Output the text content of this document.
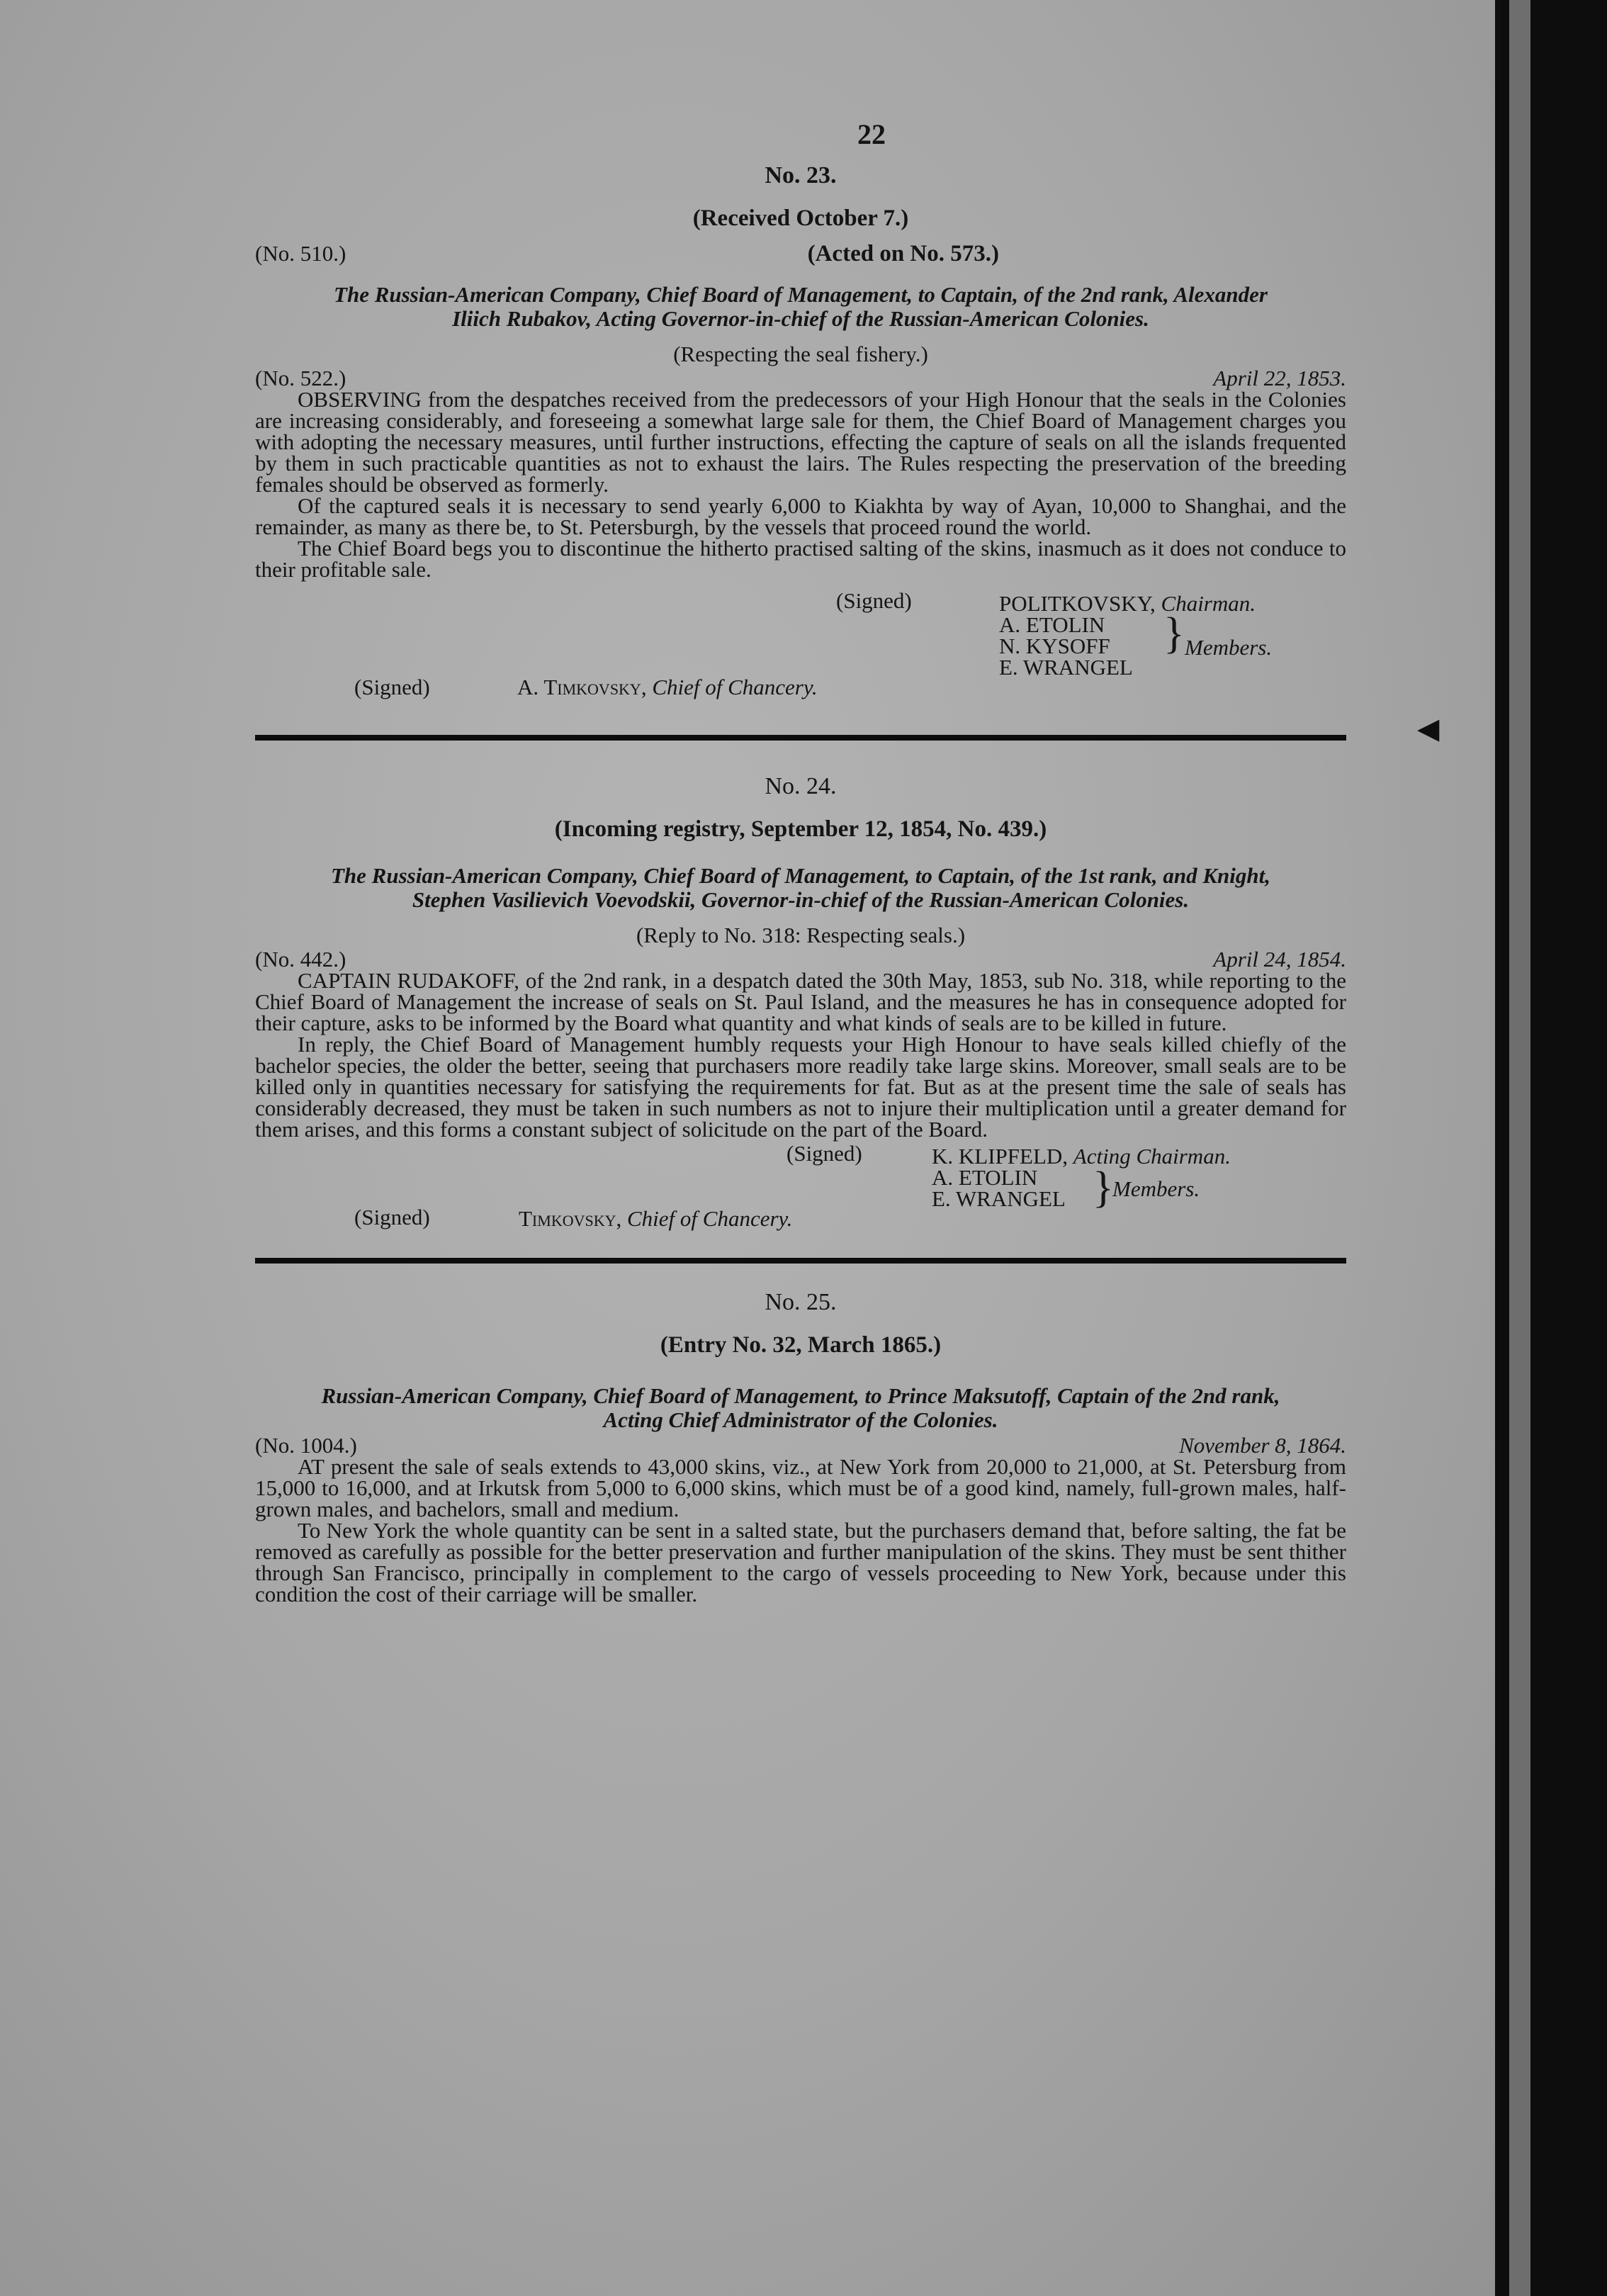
22
No. 23.
(Received October 7.)
(No. 510.)	(Acted on No. 573.)
The Russian-American Company, Chief Board of Management, to Captain, of the 2nd rank, Alexander
Iliich Rubakov, Acting Governor-in-chief of the Russian-American Colonies.
(Respecting the seal fishery.)
(No. 522.)	April 22, 1853.

OBSERVING from the despatches received from the predecessors of your High Honour that the seals in the Colonies are increasing considerably, and foreseeing a somewhat large sale for them, the Chief Board of Management charges you with adopting the necessary measures, until further instructions, effecting the capture of seals on all the islands frequented by them in such practicable quantities as not to exhaust the lairs. The Rules respecting the preservation of the breeding females should be observed as formerly.

Of the captured seals it is necessary to send yearly 6,000 to Kiakhta by way of Ayan, 10,000 to Shanghai, and the remainder, as many as there be, to St. Petersburgh, by the vessels that proceed round the world.

The Chief Board begs you to discontinue the hitherto practised salting of the skins, inasmuch as it does not conduce to their profitable sale.

(Signed)	POLITKOVSKY, Chairman.
A. ETOLIN
N. KYSOFF
E. WRANGEL
} Members.
(Signed)	A. Timkovsky, Chief of Chancery.
No. 24.
(Incoming registry, September 12, 1854, No. 439.)
The Russian-American Company, Chief Board of Management, to Captain, of the 1st rank, and Knight,
Stephen Vasilievich Voevodskii, Governor-in-chief of the Russian-American Colonies.
(Reply to No. 318: Respecting seals.)
(No. 442.)	April 24, 1854.

CAPTAIN RUDAKOFF, of the 2nd rank, in a despatch dated the 30th May, 1853, sub No. 318, while reporting to the Chief Board of Management the increase of seals on St. Paul Island, and the measures he has in consequence adopted for their capture, asks to be informed by the Board what quantity and what kinds of seals are to be killed in future.

In reply, the Chief Board of Management humbly requests your High Honour to have seals killed chiefly of the bachelor species, the older the better, seeing that purchasers more readily take large skins. Moreover, small seals are to be killed only in quantities necessary for satisfying the requirements for fat. But as at the present time the sale of seals has considerably decreased, they must be taken in such numbers as not to injure their multiplication until a greater demand for them arises, and this forms a constant subject of solicitude on the part of the Board.

(Signed)	K. KLIPFELD, Acting Chairman.
A. ETOLIN
E. WRANGEL }
Members.
(Signed)	Timkovsky, Chief of Chancery.
No. 25.
(Entry No. 32, March 1865.)
Russian-American Company, Chief Board of Management, to Prince Maksutoff, Captain of the 2nd rank,
Acting Chief Administrator of the Colonies.
(No. 1004.)	November 8, 1864.

AT present the sale of seals extends to 43,000 skins, viz., at New York from 20,000 to 21,000, at St. Petersburg from 15,000 to 16,000, and at Irkutsk from 5,000 to 6,000 skins, which must be of a good kind, namely, full-grown males, half-grown males, and bachelors, small and medium.

To New York the whole quantity can be sent in a salted state, but the purchasers demand that, before salting, the fat be removed as carefully as possible for the better preservation and further manipulation of the skins. They must be sent thither through San Francisco, principally in complement to the cargo of vessels proceeding to New York, because under this condition the cost of their carriage will be smaller.

◄
